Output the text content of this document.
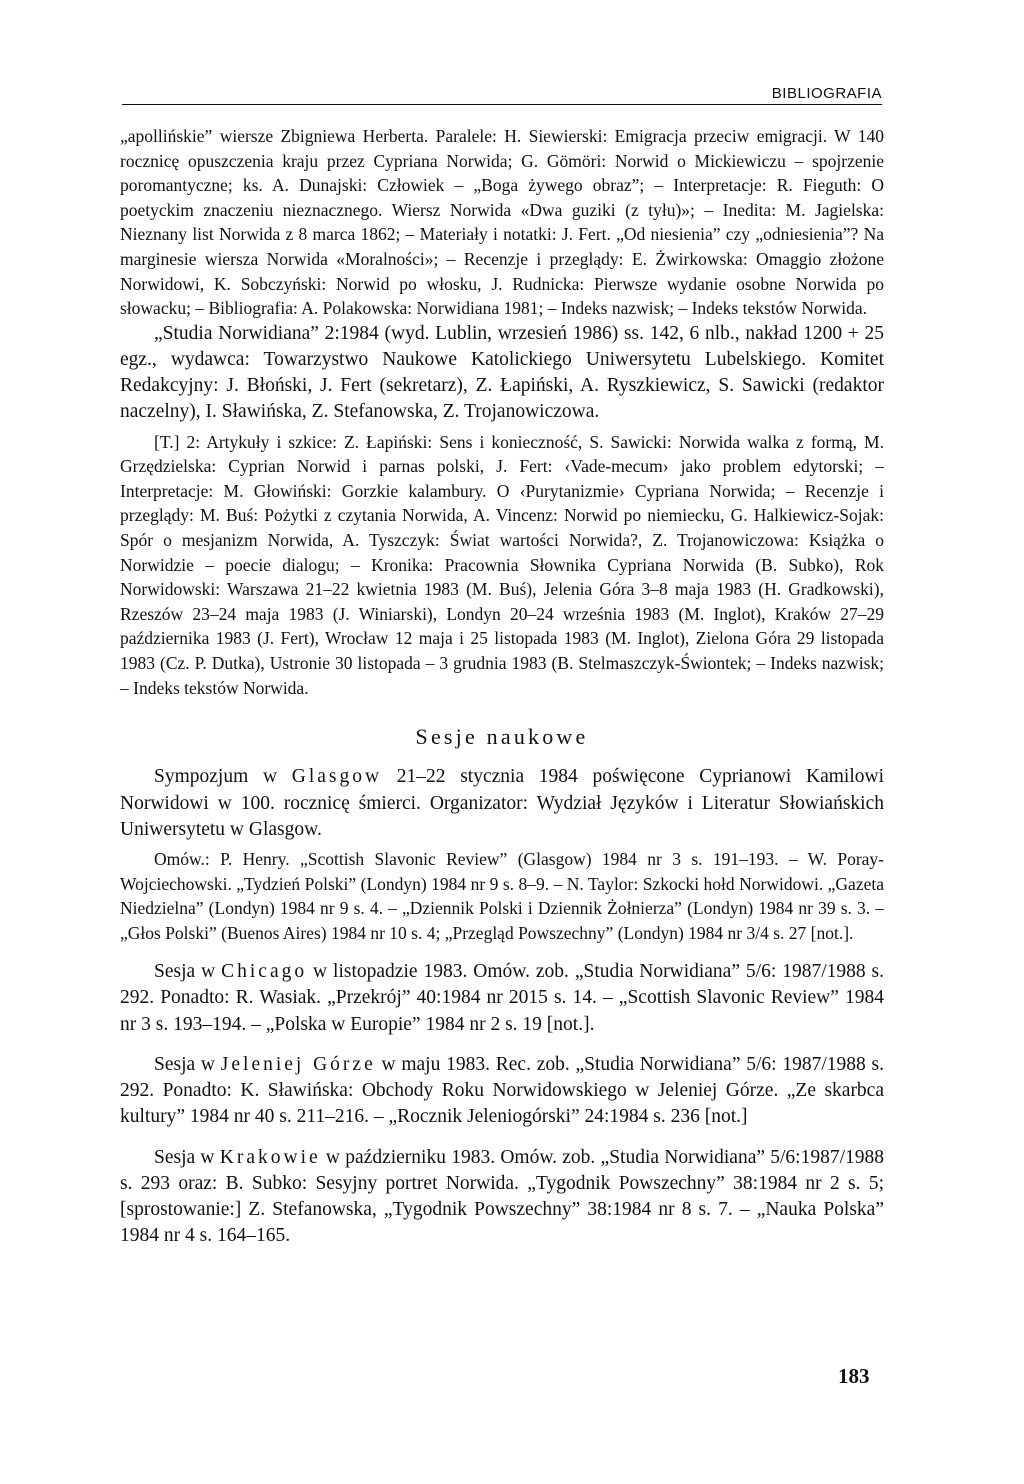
BIBLIOGRAFIA

„apollińskie” wiersze Zbigniewa Herberta. Paralele: H. Siewierski: Emigracja przeciw emigracji. W 140 rocznicę opuszczenia kraju przez Cypriana Norwida; G. Gömöri: Norwid o Mickiewiczu – spojrzenie poromantyczne; ks. A. Dunajski: Człowiek – „Boga żywego obraz”; – Interpretacje: R. Fieguth: O poetyckim znaczeniu nieznacznego. Wiersz Norwida «Dwa guziki (z tyłu)»; – Inedita: M. Jagielska: Nieznany list Norwida z 8 marca 1862; – Materiały i notatki: J. Fert. „Od niesienia” czy „odniesienia”? Na marginesie wiersza Norwida «Moralności»; – Recenzje i przeglądy: E. Żwirkowska: Omaggio złożone Norwidowi, K. Sobczyński: Norwid po włosku, J. Rudnicka: Pierwsze wydanie osobne Norwida po słowacku; – Bibliografia: A. Polakowska: Norwidiana 1981; – Indeks nazwisk; – Indeks tekstów Norwida.

„Studia Norwidiana” 2:1984 (wyd. Lublin, wrzesień 1986) ss. 142, 6 nlb., nakład 1200 + 25 egz., wydawca: Towarzystwo Naukowe Katolickiego Uniwersytetu Lubelskiego. Komitet Redakcyjny: J. Błoński, J. Fert (sekretarz), Z. Łapiński, A. Ryszkiewicz, S. Sawicki (redaktor naczelny), I. Sławińska, Z. Stefanowska, Z. Trojanowiczowa.

[T.] 2: Artykuły i szkice: Z. Łapiński: Sens i konieczność, S. Sawicki: Norwida walka z formą, M. Grzędzielska: Cyprian Norwid i parnas polski, J. Fert: ‹Vade-mecum› jako problem edytorski; – Interpretacje: M. Głowiński: Gorzkie kalambury. O ‹Purytanizmie› Cypriana Norwida; – Recenzje i przeglądy: M. Buś: Pożytki z czytania Norwida, A. Vincenz: Norwid po niemiecku, G. Halkiewicz-Sojak: Spór o mesjanizm Norwida, A. Tyszczyk: Świat wartości Norwida?, Z. Trojanowiczowa: Książka o Norwidzie – poecie dialogu; – Kronika: Pracownia Słownika Cypriana Norwida (B. Subko), Rok Norwidowski: Warszawa 21–22 kwietnia 1983 (M. Buś), Jelenia Góra 3–8 maja 1983 (H. Gradkowski), Rzeszów 23–24 maja 1983 (J. Winiarski), Londyn 20–24 września 1983 (M. Inglot), Kraków 27–29 października 1983 (J. Fert), Wrocław 12 maja i 25 listopada 1983 (M. Inglot), Zielona Góra 29 listopada 1983 (Cz. P. Dutka), Ustronie 30 listopada – 3 grudnia 1983 (B. Stelmaszczyk-Świontek; – Indeks nazwisk; – Indeks tekstów Norwida.

Sesje naukowe

Sympozjum w Glasgow 21–22 stycznia 1984 poświęcone Cyprianowi Kamilowi Norwidowi w 100. rocznicę śmierci. Organizator: Wydział Języków i Literatur Słowiańskich Uniwersytetu w Glasgow.

Omów.: P. Henry. „Scottish Slavonic Review” (Glasgow) 1984 nr 3 s. 191–193. – W. Poray-Wojciechowski. „Tydzień Polski” (Londyn) 1984 nr 9 s. 8–9. – N. Taylor: Szkocki hołd Norwidowi. „Gazeta Niedzielna” (Londyn) 1984 nr 9 s. 4. – „Dziennik Polski i Dziennik Żołnierza” (Londyn) 1984 nr 39 s. 3. – „Głos Polski” (Buenos Aires) 1984 nr 10 s. 4; „Przegląd Powszechny” (Londyn) 1984 nr 3/4 s. 27 [not.].

Sesja w Chicago w listopadzie 1983. Omów. zob. „Studia Norwidiana” 5/6: 1987/1988 s. 292. Ponadto: R. Wasiak. „Przekrój” 40:1984 nr 2015 s. 14. – „Scottish Slavonic Review” 1984 nr 3 s. 193–194. – „Polska w Europie” 1984 nr 2 s. 19 [not.].

Sesja w Jeleniej Górze w maju 1983. Rec. zob. „Studia Norwidiana” 5/6: 1987/1988 s. 292. Ponadto: K. Sławińska: Obchody Roku Norwidowskiego w Jeleniej Górze. „Ze skarbca kultury” 1984 nr 40 s. 211–216. – „Rocznik Jeleniogórski” 24:1984 s. 236 [not.]

Sesja w Krakowie w październiku 1983. Omów. zob. „Studia Norwidiana” 5/6:1987/1988 s. 293 oraz: B. Subko: Sesyjny portret Norwida. „Tygodnik Powszechny” 38:1984 nr 2 s. 5; [sprostowanie:] Z. Stefanowska, „Tygodnik Powszechny” 38:1984 nr 8 s. 7. – „Nauka Polska” 1984 nr 4 s. 164–165.

183
